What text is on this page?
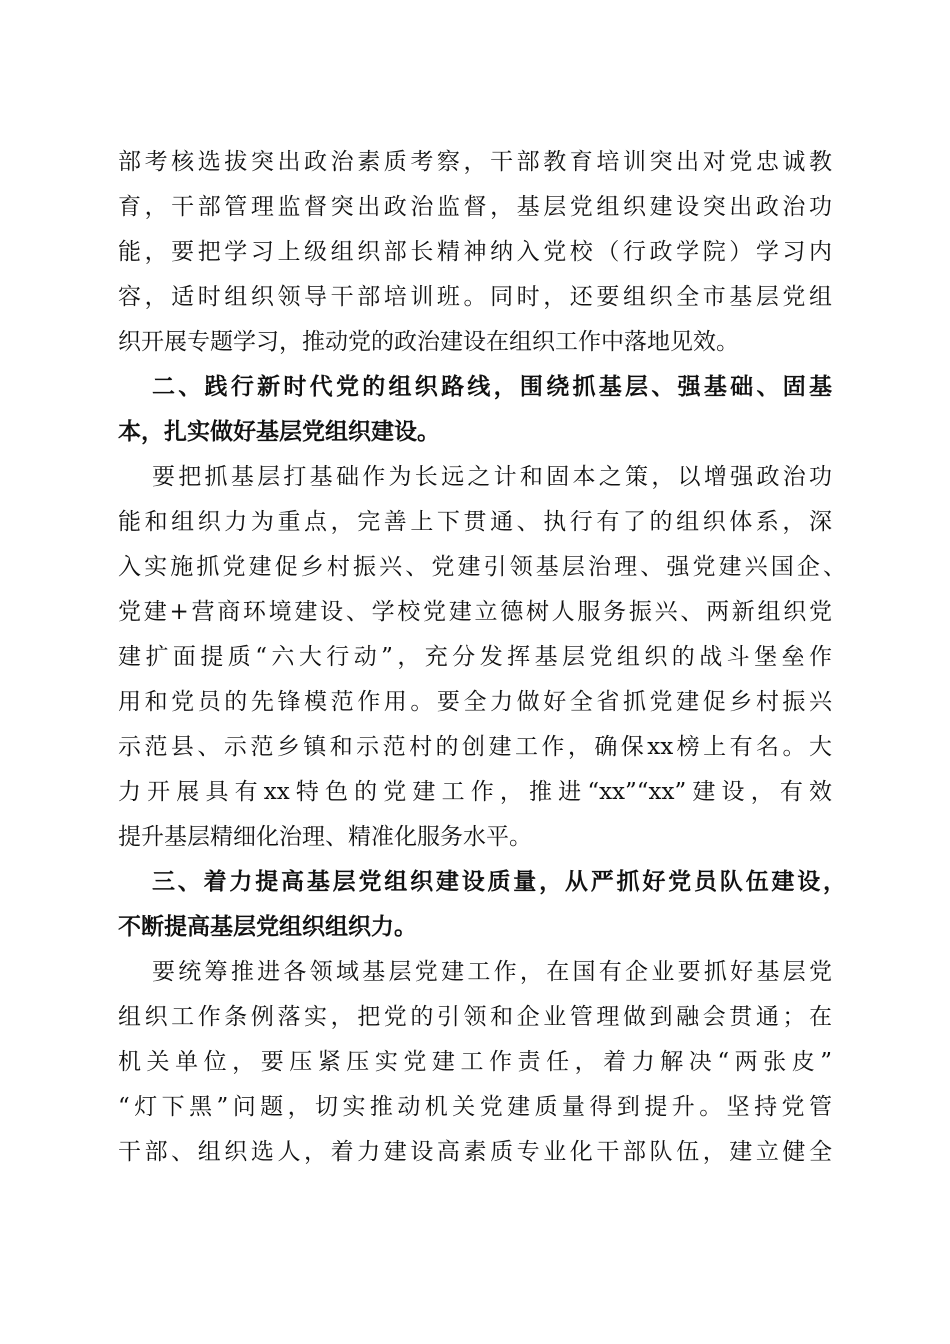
部考核选拔突出政治素质考察，干部教育培训突出对党忠诚教
育，干部管理监督突出政治监督，基层党组织建设突出政治功
能，要把学习上级组织部长精神纳入党校（行政学院）学习内
容，适时组织领导干部培训班。同时，还要组织全市基层党组
织开展专题学习，推动党的政治建设在组织工作中落地见效。
二、践行新时代党的组织路线，围绕抓基层、强基础、固基
本，扎实做好基层党组织建设。
要把抓基层打基础作为长远之计和固本之策，以增强政治功
能和组织力为重点，完善上下贯通、执行有了的组织体系，深
入实施抓党建促乡村振兴、党建引领基层治理、强党建兴国企、
党建+营商环境建设、学校党建立德树人服务振兴、两新组织党
建扩面提质“六大行动”，充分发挥基层党组织的战斗堡垒作
用和党员的先锋模范作用。要全力做好全省抓党建促乡村振兴
示范县、示范乡镇和示范村的创建工作，确保xx榜上有名。大
力开展具有xx特色的党建工作，推进“xx”“xx”建设，有效
提升基层精细化治理、精准化服务水平。
三、着力提高基层党组织建设质量，从严抓好党员队伍建设，
不断提高基层党组织组织力。
要统筹推进各领域基层党建工作，在国有企业要抓好基层党
组织工作条例落实，把党的引领和企业管理做到融会贯通；在
机关单位，要压紧压实党建工作责任，着力解决“两张皮”
“灯下黑”问题，切实推动机关党建质量得到提升。坚持党管
干部、组织选人，着力建设高素质专业化干部队伍，建立健全
